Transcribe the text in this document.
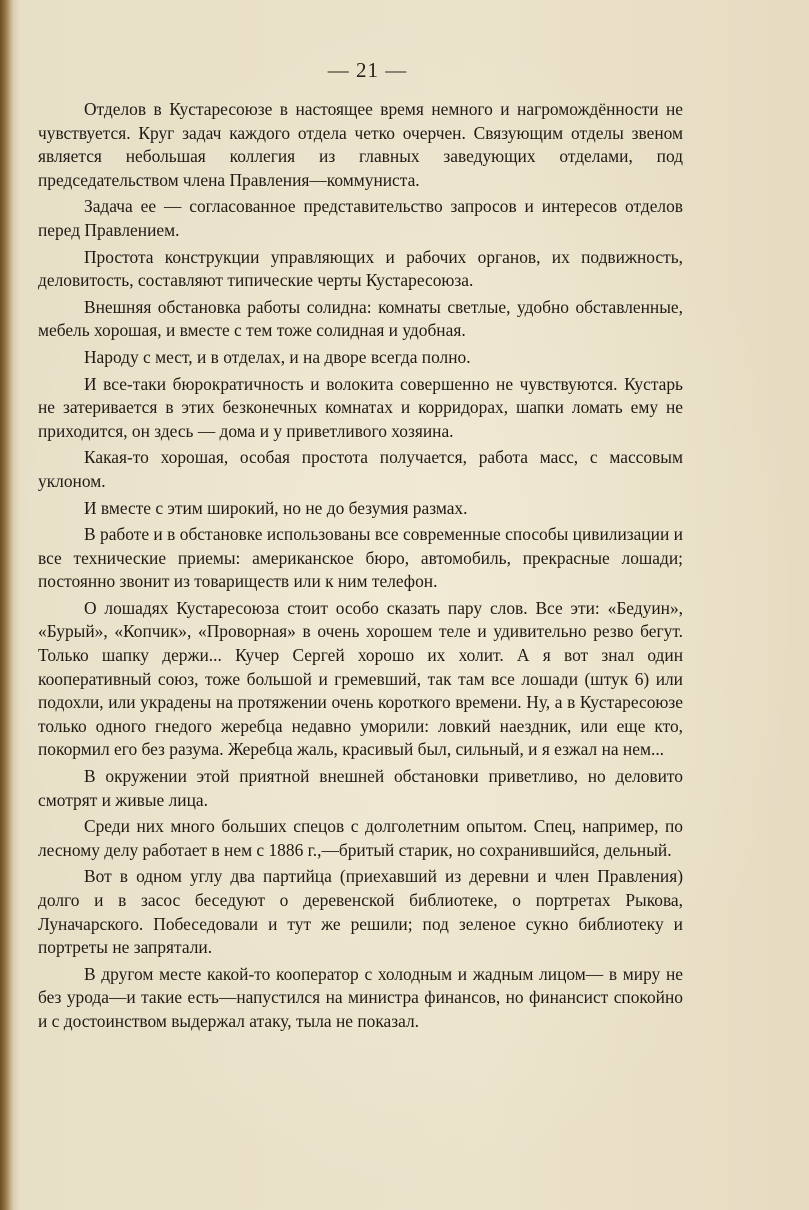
— 21 —

Отделов в Кустаресоюзе в настоящее время немного и нагромождённости не чувствуется. Круг задач каждого отдела четко очерчен. Связующим отделы звеном является небольшая коллегия из главных заведующих отделами, под председательством члена Правления—коммуниста.

Задача ее — согласованное представительство запросов и интересов отделов перед Правлением.

Простота конструкции управляющих и рабочих органов, их подвижность, деловитость, составляют типические черты Кустаресоюза.

Внешняя обстановка работы солидна: комнаты светлые, удобно обставленные, мебель хорошая, и вместе с тем тоже солидная и удобная.

Народу с мест, и в отделах, и на дворе всегда полно.

И все-таки бюрократичность и волокита совершенно не чувствуются. Кустарь не затеривается в этих безконечных комнатах и корридорах, шапки ломать ему не приходится, он здесь — дома и у приветливого хозяина.

Какая-то хорошая, особая простота получается, работа масс, с массовым уклоном.

И вместе с этим широкий, но не до безумия размах.

В работе и в обстановке использованы все современные способы цивилизации и все технические приемы: американское бюро, автомобиль, прекрасные лошади; постоянно звонит из товариществ или к ним телефон.

О лошадях Кустаресоюза стоит особо сказать пару слов. Все эти: «Бедуин», «Бурый», «Копчик», «Проворная» в очень хорошем теле и удивительно резво бегут. Только шапку держи... Кучер Сергей хорошо их холит. А я вот знал один кооперативный союз, тоже большой и гремевший, так там все лошади (штук 6) или подохли, или украдены на протяжении очень короткого времени. Ну, а в Кустаресоюзе только одного гнедого жеребца недавно уморили: ловкий наездник, или еще кто, покормил его без разума. Жеребца жаль, красивый был, сильный, и я езжал на нем...

В окружении этой приятной внешней обстановки приветливо, но деловито смотрят и живые лица.

Среди них много больших спецов с долголетним опытом. Спец, например, по лесному делу работает в нем с 1886 г.,—бритый старик, но сохранившийся, дельный.

Вот в одном углу два партийца (приехавший из деревни и член Правления) долго и в засос беседуют о деревенской библиотеке, о портретах Рыкова, Луначарского. Побеседовали и тут же решили; под зеленое сукно библиотеку и портреты не запрятали.

В другом месте какой-то кооператор с холодным и жадным лицом— в миру не без урода—и такие есть—напустился на министра финансов, но финансист спокойно и с достоинством выдержал атаку, тыла не показал.
